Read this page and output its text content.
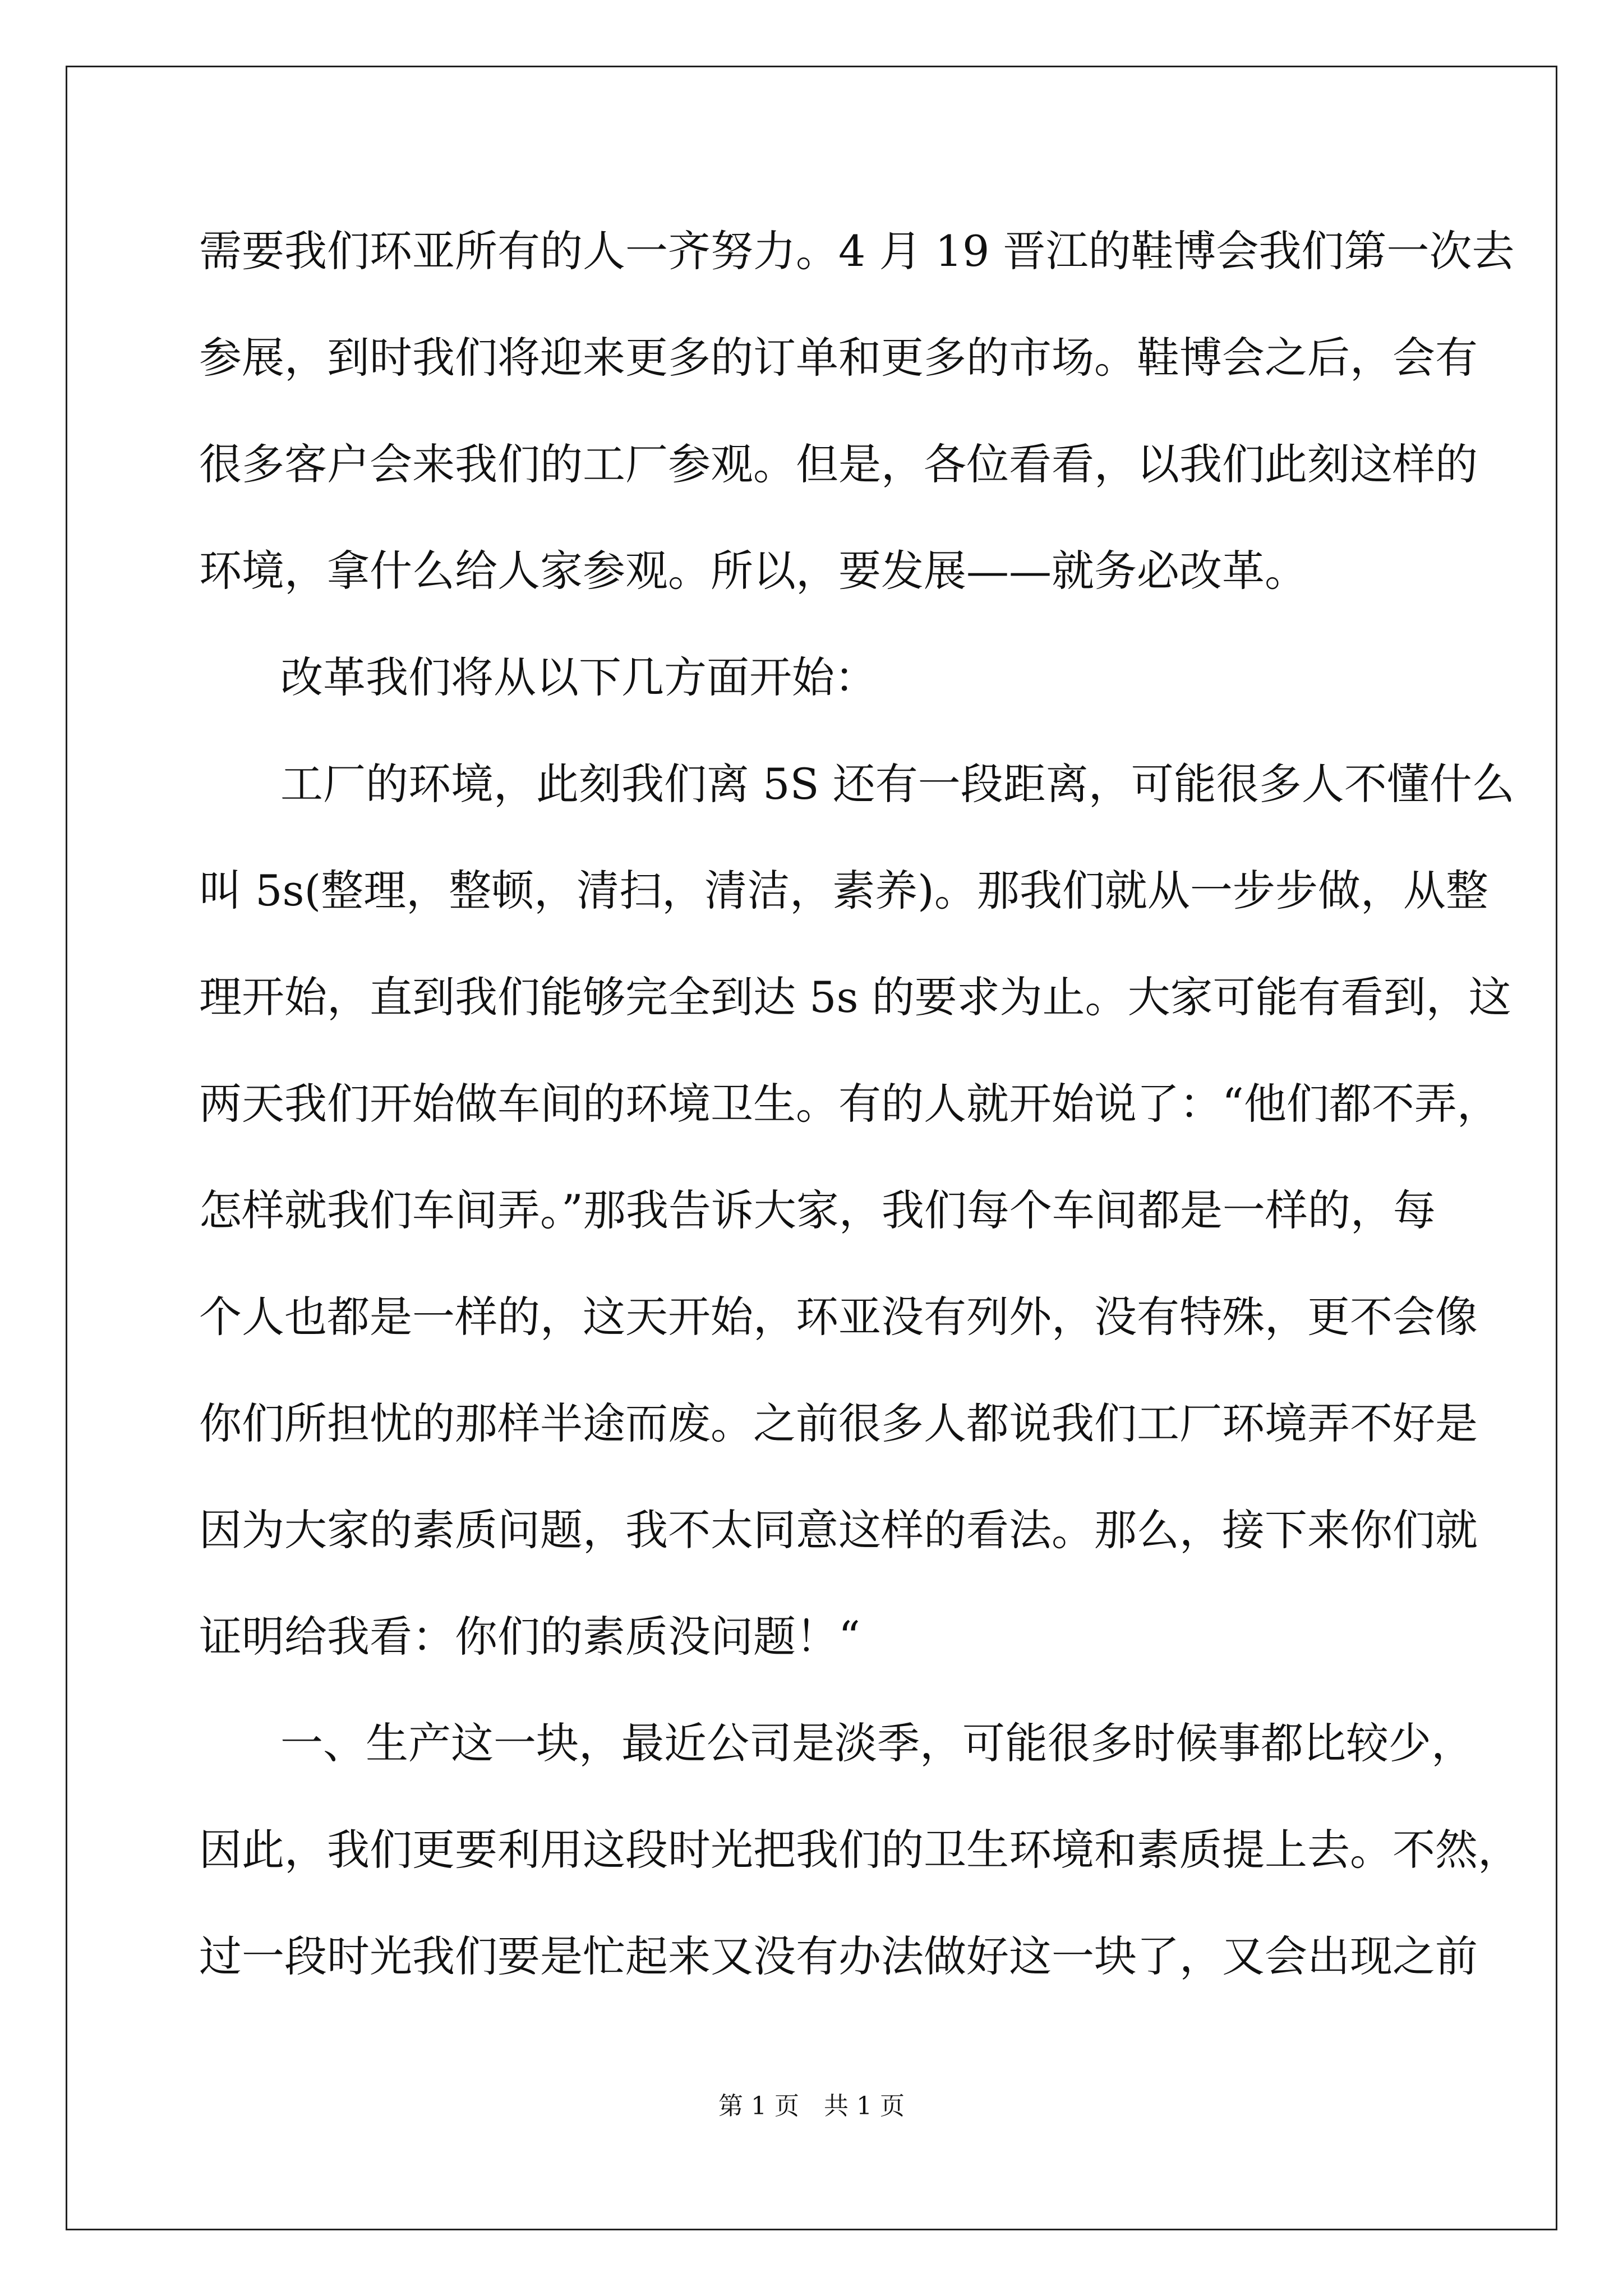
需要我们环亚所有的人一齐努力。4 月 19 晋江的鞋博会我们第一次去
参展，到时我们将迎来更多的订单和更多的市场。鞋博会之后，会有
很多客户会来我们的工厂参观。但是，各位看看，以我们此刻这样的
环境，拿什么给人家参观。所以，要发展——就务必改革。
改革我们将从以下几方面开始：
工厂的环境，此刻我们离 5S 还有一段距离，可能很多人不懂什么
叫 5s(整理，整顿，清扫，清洁，素养)。那我们就从一步步做，从整
理开始，直到我们能够完全到达 5s 的要求为止。大家可能有看到，这
两天我们开始做车间的环境卫生。有的人就开始说了：“他们都不弄，
怎样就我们车间弄。”那我告诉大家，我们每个车间都是一样的，每
个人也都是一样的，这天开始，环亚没有列外，没有特殊，更不会像
你们所担忧的那样半途而废。之前很多人都说我们工厂环境弄不好是
因为大家的素质问题，我不太同意这样的看法。那么，接下来你们就
证明给我看：你们的素质没问题！“
一、生产这一块，最近公司是淡季，可能很多时候事都比较少，
因此，我们更要利用这段时光把我们的卫生环境和素质提上去。不然，
过一段时光我们要是忙起来又没有办法做好这一块了，又会出现之前
第 1 页　共 1 页
